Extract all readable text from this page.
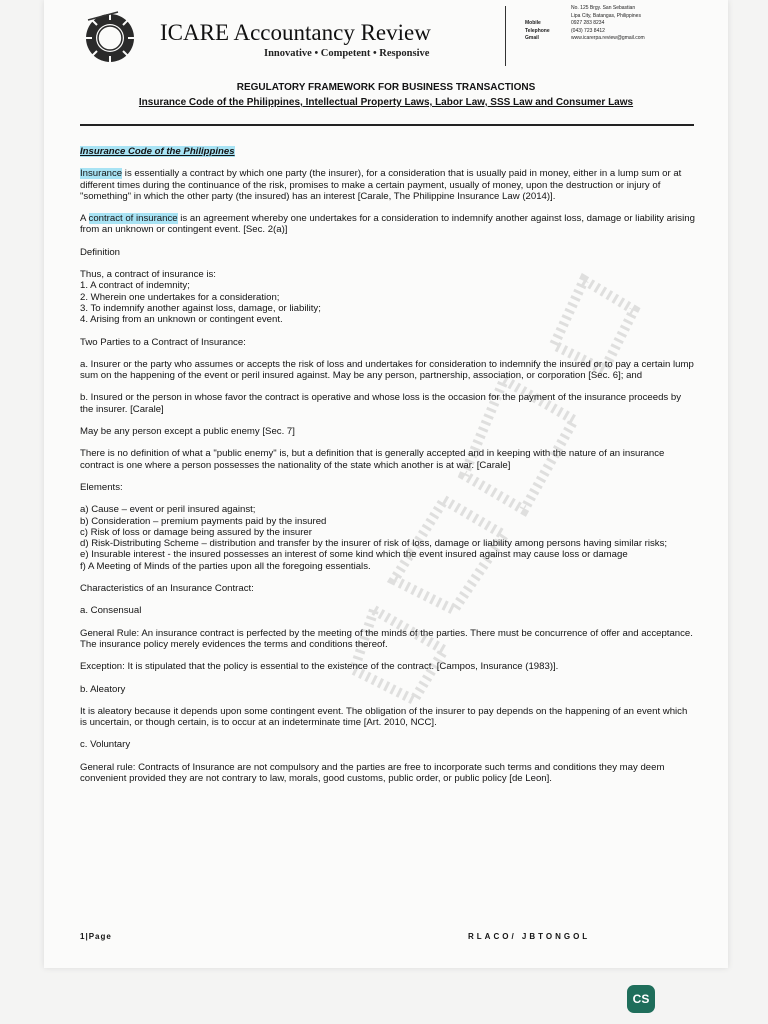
ICARE Accountancy Review
Innovative • Competent • Responsive
No. 125 Brgy. San Sebastian
Lipa City, Batangas, Philippines
Mobile	0927 283 8234
Telephone	(043) 723 8412
Gmail	www.icarerpa.review@gmail.com
REGULATORY FRAMEWORK FOR BUSINESS TRANSACTIONS
Insurance Code of the Philippines, Intellectual Property Laws, Labor Law, SSS Law and Consumer Laws

Insurance Code of the Philippines

Insurance is essentially a contract by which one party (the insurer), for a consideration that is usually paid in money, either in a lump sum or at different times during the continuance of the risk, promises to make a certain payment, usually of money, upon the destruction or injury of "something" in which the other party (the insured) has an interest [Carale, The Philippine Insurance Law (2014)].

A contract of insurance is an agreement whereby one undertakes for a consideration to indemnify another against loss, damage or liability arising from an unknown or contingent event. [Sec. 2(a)]

Definition

Thus, a contract of insurance is:

1. A contract of indemnity;
2. Wherein one undertakes for a consideration;
3. To indemnify another against loss, damage, or liability;
4. Arising from an unknown or contingent event.

Two Parties to a Contract of Insurance:

a. Insurer or the party who assumes or accepts the risk of loss and undertakes for consideration to indemnify the insured or to pay a certain lump sum on the happening of the event or peril insured against. May be any person, partnership, association, or corporation [Sec. 6]; and

b. Insured or the person in whose favor the contract is operative and whose loss is the occasion for the payment of the insurance proceeds by the insurer. [Carale]

May be any person except a public enemy [Sec. 7]

There is no definition of what a "public enemy" is, but a definition that is generally accepted and in keeping with the nature of an insurance contract is one where a person possesses the nationality of the state which another is at war. [Carale]

Elements:

a) Cause – event or peril insured against;
b) Consideration – premium payments paid by the insured
c) Risk of loss or damage being assured by the insurer
d) Risk-Distributing Scheme – distribution and transfer by the insurer of risk of loss, damage or liability among persons having similar risks;
e) Insurable interest - the insured possesses an interest of some kind which the event insured against may cause loss or damage
f) A Meeting of Minds of the parties upon all the foregoing essentials.

Characteristics of an Insurance Contract:

a. Consensual

General Rule: An insurance contract is perfected by the meeting of the minds of the parties. There must be concurrence of offer and acceptance. The insurance policy merely evidences the terms and conditions thereof.

Exception: It is stipulated that the policy is essential to the existence of the contract. [Campos, Insurance (1983)].

b. Aleatory

It is aleatory because it depends upon some contingent event. The obligation of the insurer to pay depends on the happening of an event which is uncertain, or though certain, is to occur at an indeterminate time [Art. 2010, NCC].

c. Voluntary

General rule: Contracts of Insurance are not compulsory and the parties are free to incorporate such terms and conditions they may deem convenient provided they are not contrary to law, morals, good customs, public order, or public policy [de Leon].

1|Page	RLACO/ JBTONGOL
CS
